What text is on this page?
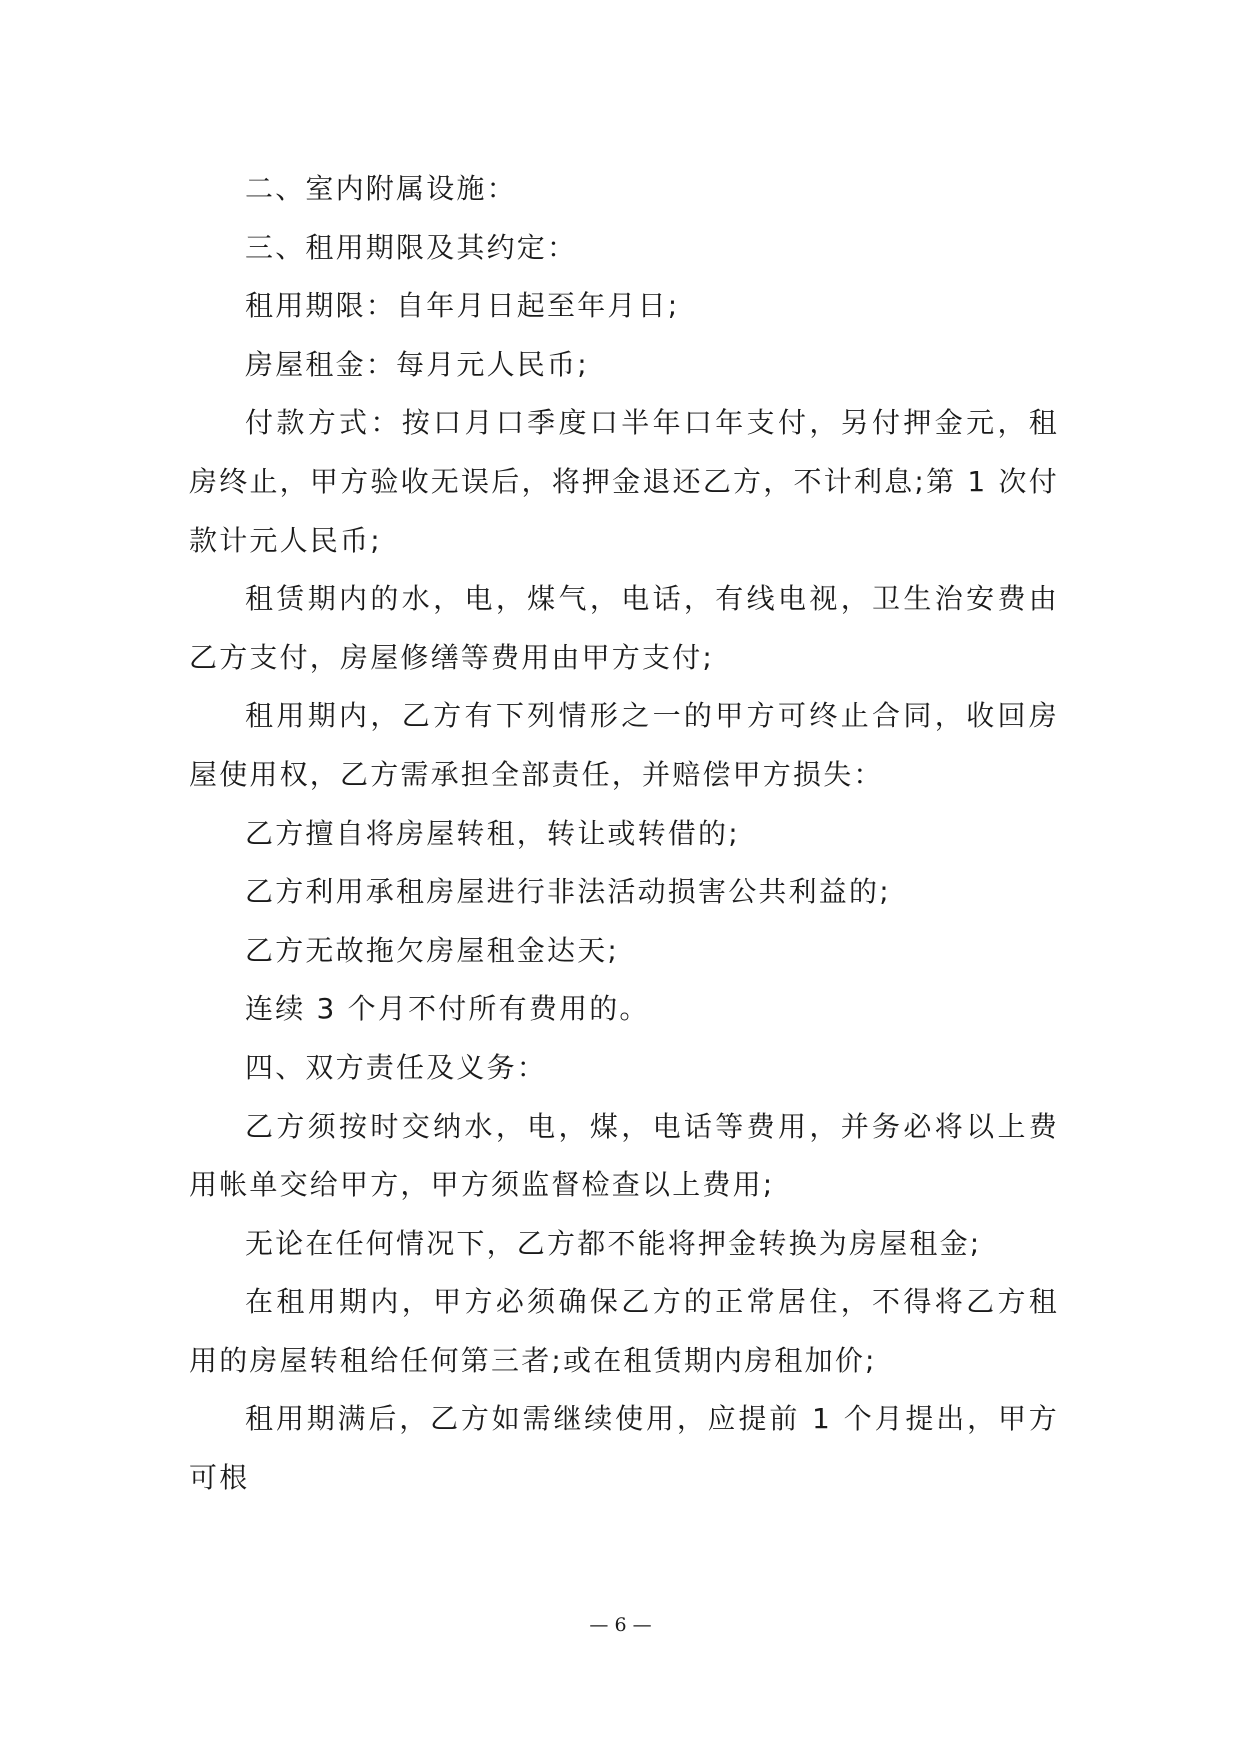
二、室内附属设施：

三、租用期限及其约定：

租用期限：自年月日起至年月日;

房屋租金：每月元人民币;

付款方式：按口月口季度口半年口年支付，另付押金元，租房终止，甲方验收无误后，将押金退还乙方，不计利息;第 1 次付款计元人民币;

租赁期内的水，电，煤气，电话，有线电视，卫生治安费由乙方支付，房屋修缮等费用由甲方支付;

租用期内，乙方有下列情形之一的甲方可终止合同，收回房屋使用权，乙方需承担全部责任，并赔偿甲方损失：

乙方擅自将房屋转租，转让或转借的;

乙方利用承租房屋进行非法活动损害公共利益的;

乙方无故拖欠房屋租金达天;

连续 3 个月不付所有费用的。

四、双方责任及义务：

乙方须按时交纳水，电，煤，电话等费用，并务必将以上费用帐单交给甲方，甲方须监督检查以上费用;

无论在任何情况下，乙方都不能将押金转换为房屋租金;

在租用期内，甲方必须确保乙方的正常居住，不得将乙方租用的房屋转租给任何第三者;或在租赁期内房租加价;

租用期满后，乙方如需继续使用，应提前 1 个月提出，甲方可根

— 6 —
